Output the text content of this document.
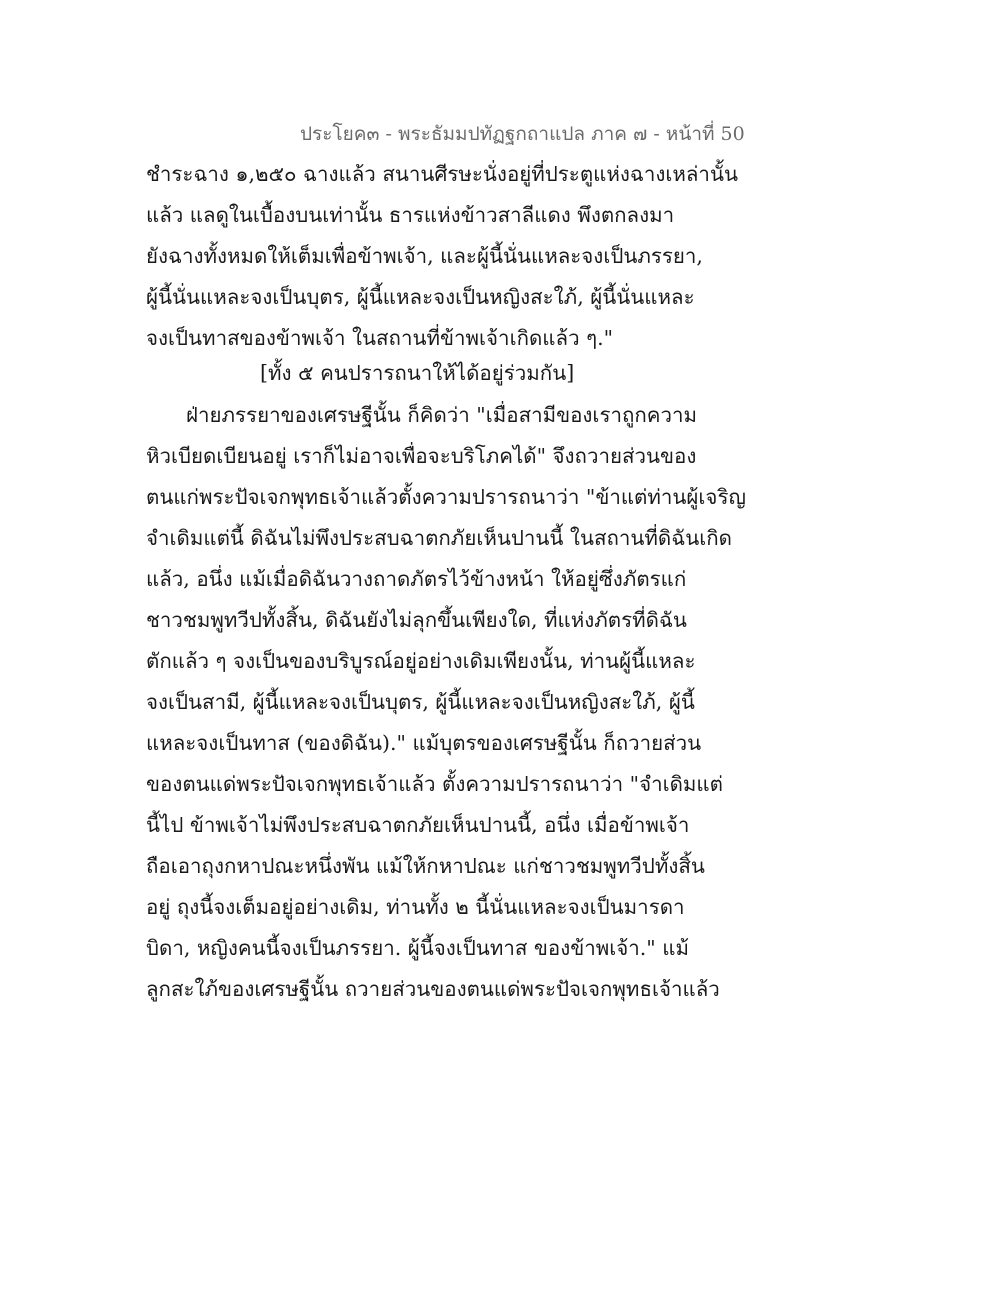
ประโยค๓ - พระธัมมปทัฏฐกถาแปล ภาค ๗ - หน้าที่ 50
ชำระฉาง ๑,๒๕๐ ฉางแล้ว สนานศีรษะนั่งอยู่ที่ประตูแห่งฉางเหล่านั้น
แล้ว แลดูในเบื้องบนเท่านั้น ธารแห่งข้าวสาลีแดง พึงตกลงมา
ยังฉางทั้งหมดให้เต็มเพื่อข้าพเจ้า, และผู้นี้นั่นแหละจงเป็นภรรยา,
ผู้นี้นั่นแหละจงเป็นบุตร, ผู้นี้แหละจงเป็นหญิงสะใภ้, ผู้นี้นั่นแหละ
จงเป็นทาสของข้าพเจ้า ในสถานที่ข้าพเจ้าเกิดแล้ว ๆ."
[ทั้ง ๕ คนปรารถนาให้ได้อยู่ร่วมกัน]
ฝ่ายภรรยาของเศรษฐีนั้น ก็คิดว่า "เมื่อสามีของเราถูกความ
หิวเบียดเบียนอยู่ เราก็ไม่อาจเพื่อจะบริโภคได้" จึงถวายส่วนของ
ตนแก่พระปัจเจกพุทธเจ้าแล้วตั้งความปรารถนาว่า "ข้าแต่ท่านผู้เจริญ
จำเดิมแต่นี้ ดิฉันไม่พึงประสบฉาตกภัยเห็นปานนี้ ในสถานที่ดิฉันเกิด
แล้ว, อนึ่ง แม้เมื่อดิฉันวางถาดภัตรไว้ข้างหน้า ให้อยู่ซึ่งภัตรแก่
ชาวชมพูทวีปทั้งสิ้น, ดิฉันยังไม่ลุกขึ้นเพียงใด, ที่แห่งภัตรที่ดิฉัน
ตักแล้ว ๆ จงเป็นของบริบูรณ์อยู่อย่างเดิมเพียงนั้น, ท่านผู้นี้แหละ
จงเป็นสามี, ผู้นี้แหละจงเป็นบุตร, ผู้นี้แหละจงเป็นหญิงสะใภ้, ผู้นี้
แหละจงเป็นทาส (ของดิฉัน)." แม้บุตรของเศรษฐีนั้น ก็ถวายส่วน
ของตนแด่พระปัจเจกพุทธเจ้าแล้ว ตั้งความปรารถนาว่า "จำเดิมแต่
นี้ไป ข้าพเจ้าไม่พึงประสบฉาตกภัยเห็นปานนี้, อนึ่ง เมื่อข้าพเจ้า
ถือเอาถุงกหาปณะหนึ่งพัน แม้ให้กหาปณะ แก่ชาวชมพูทวีปทั้งสิ้น
อยู่ ถุงนี้จงเต็มอยู่อย่างเดิม, ท่านทั้ง ๒ นี้นั่นแหละจงเป็นมารดา
บิดา, หญิงคนนี้จงเป็นภรรยา. ผู้นี้จงเป็นทาส ของข้าพเจ้า." แม้
ลูกสะใภ้ของเศรษฐีนั้น ถวายส่วนของตนแด่พระปัจเจกพุทธเจ้าแล้ว
